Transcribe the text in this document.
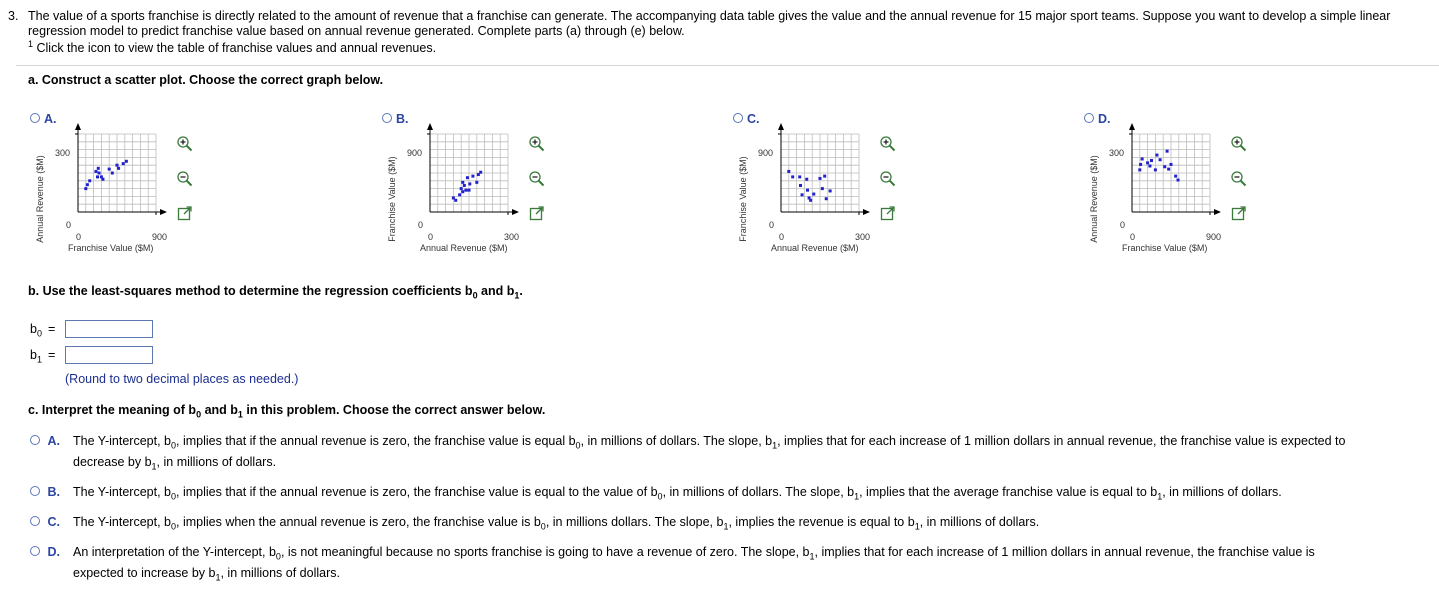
3. The value of a sports franchise is directly related to the amount of revenue that a franchise can generate. The accompanying data table gives the value and the annual revenue for 15 major sport teams. Suppose you want to develop a simple linear regression model to predict franchise value based on annual revenue generated. Complete parts (a) through (e) below.
$^1$ Click the icon to view the table of franchise values and annual revenues.
a. Construct a scatter plot. Choose the correct graph below.
A.
Annual Revenue ($M)
300
0
0	900
Franchise Value ($M)
B.
Franchise Value ($M)
900
0
0	300
Annual Revenue ($M)
C.
Franchise Value ($M)
900
0
0	300
Annual Revenue ($M)
D.
Annual Revenue ($M)
300
0
0	900
Franchise Value ($M)
b. Use the least-squares method to determine the regression coefficients $b_0$ and $b_1$.
$b_0$ =
$b_1$ =
(Round to two decimal places as needed.)
c. Interpret the meaning of $b_0$ and $b_1$ in this problem. Choose the correct answer below.
A. The Y-intercept, $b_0$, implies that if the annual revenue is zero, the franchise value is equal $b_0$, in millions of dollars. The slope, $b_1$, implies that for each increase of 1 million dollars in annual revenue, the franchise value is expected to
decrease by $b_1$, in millions of dollars.
B. The Y-intercept, $b_0$, implies that if the annual revenue is zero, the franchise value is equal to the value of $b_0$, in millions of dollars. The slope, $b_1$, implies that the average franchise value is equal to $b_1$, in millions of dollars.
C. The Y-intercept, $b_0$, implies when the annual revenue is zero, the franchise value is $b_0$, in millions dollars. The slope, $b_1$, implies the revenue is equal to $b_1$, in millions of dollars.
D. An interpretation of the Y-intercept, $b_0$, is not meaningful because no sports franchise is going to have a revenue of zero. The slope, $b_1$, implies that for each increase of 1 million dollars in annual revenue, the franchise value is
expected to increase by $b_1$, in millions of dollars.
